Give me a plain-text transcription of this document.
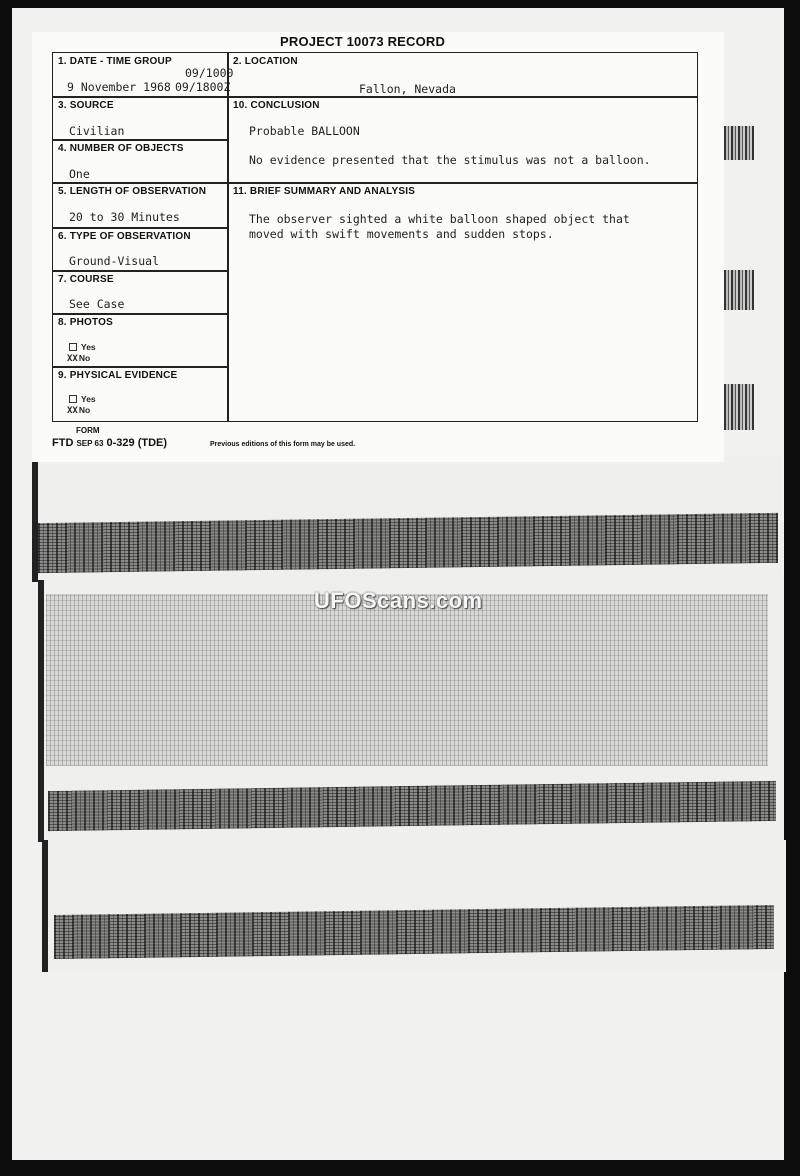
UFOScans.com
PROJECT 10073 RECORD
1. DATE - TIME GROUP
09/1000
9 November 1968 09/1800Z
2. LOCATION
Fallon, Nevada
3. SOURCE
Civilian
10. CONCLUSION
Probable BALLOON
No evidence presented that the stimulus was not a balloon.
4. NUMBER OF OBJECTS
One
5. LENGTH OF OBSERVATION
20 to 30 Minutes
11. BRIEF SUMMARY AND ANALYSIS
The observer sighted a white balloon shaped object that
moved with swift movements and sudden stops.
6. TYPE OF OBSERVATION
Ground-Visual
7. COURSE
See Case
8. PHOTOS
Yes
XXNo
9. PHYSICAL EVIDENCE
Yes
XXNo
FORM
FTD SEP 63 0-329 (TDE)	Previous editions of this form may be used.
